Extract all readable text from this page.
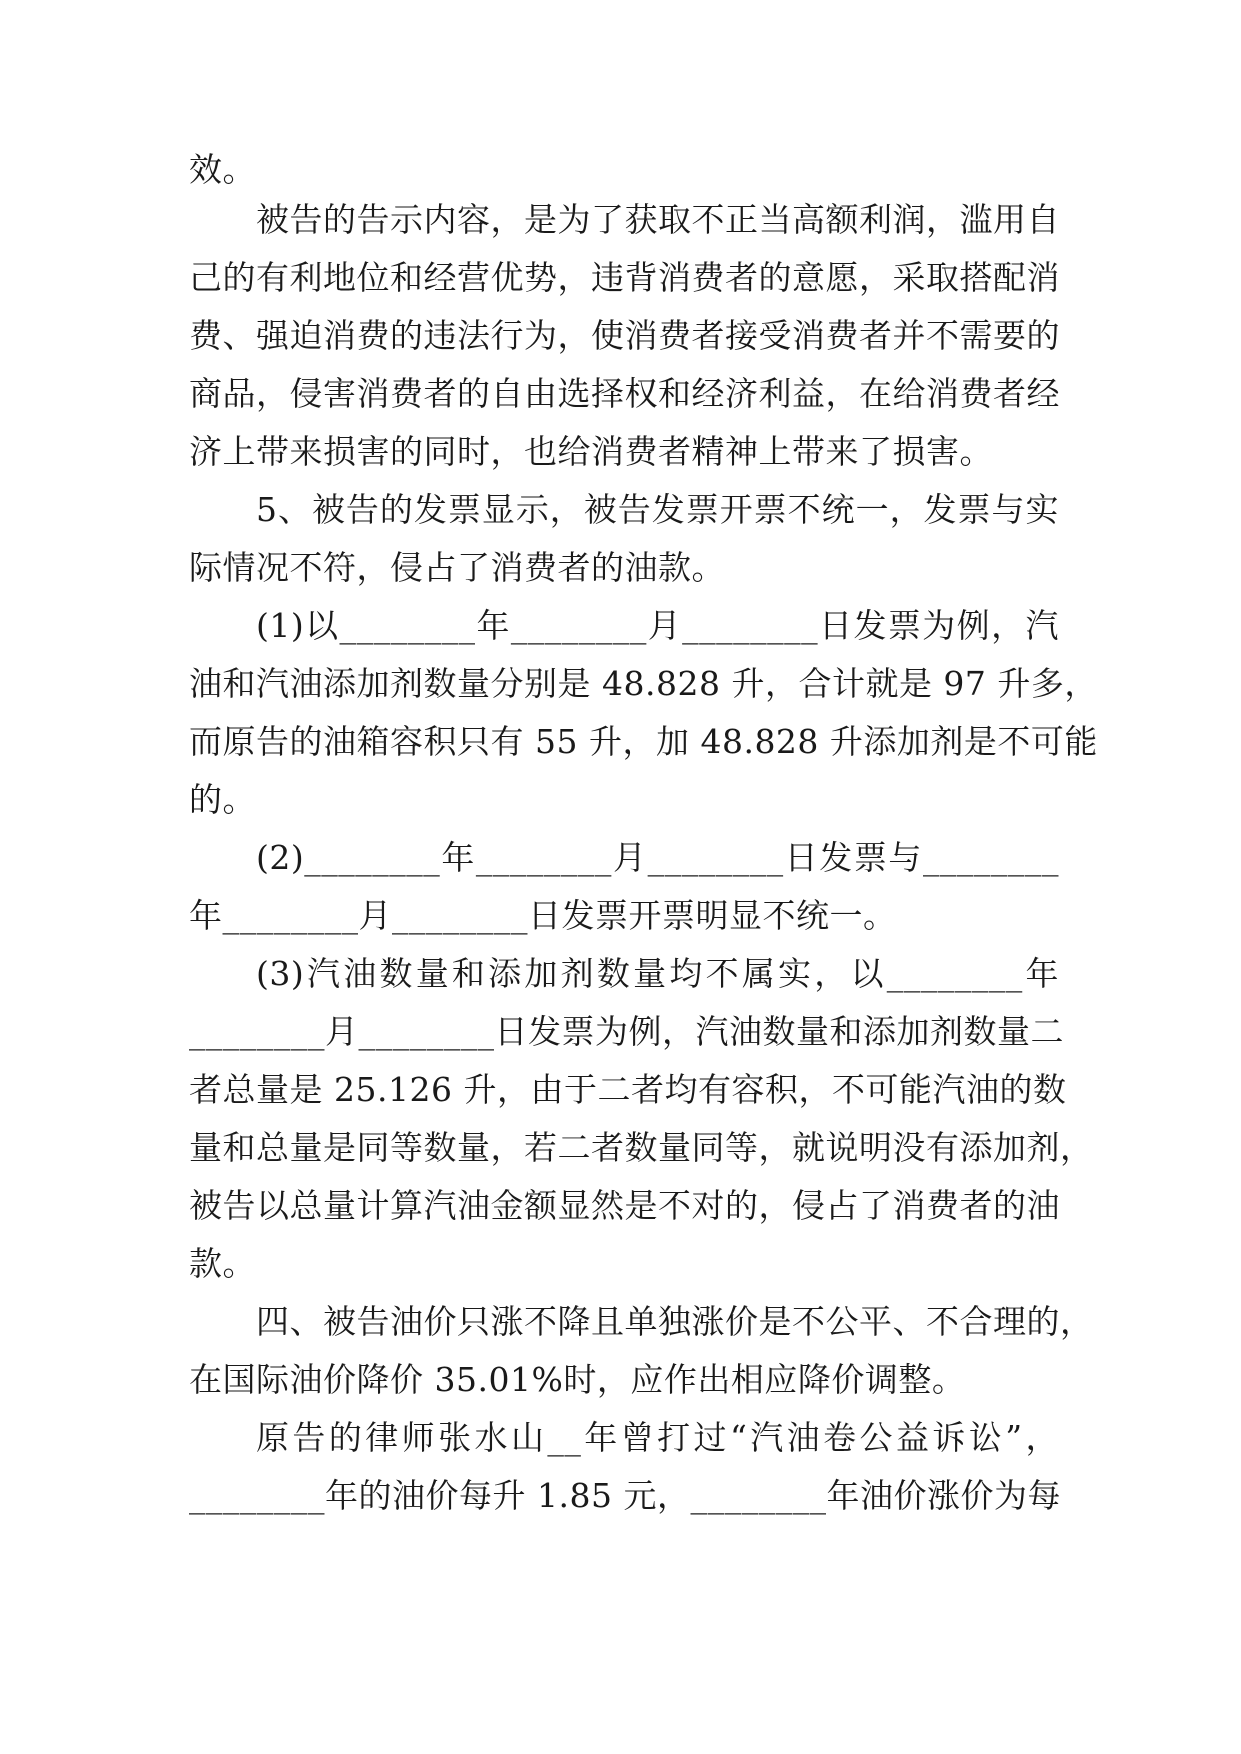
效。
被告的告示内容，是为了获取不正当高额利润，滥用自
己的有利地位和经营优势，违背消费者的意愿，采取搭配消
费、强迫消费的违法行为，使消费者接受消费者并不需要的
商品，侵害消费者的自由选择权和经济利益，在给消费者经
济上带来损害的同时，也给消费者精神上带来了损害。
5、被告的发票显示，被告发票开票不统一，发票与实
际情况不符，侵占了消费者的油款。
(1)以________年________月________日发票为例，汽
油和汽油添加剂数量分别是 48.828 升，合计就是 97 升多，
而原告的油箱容积只有 55 升，加 48.828 升添加剂是不可能
的。
(2)________年________月________日发票与________
年________月________日发票开票明显不统一。
(3)汽油数量和添加剂数量均不属实，以________年
________月________日发票为例，汽油数量和添加剂数量二
者总量是 25.126 升，由于二者均有容积，不可能汽油的数
量和总量是同等数量，若二者数量同等，就说明没有添加剂，
被告以总量计算汽油金额显然是不对的，侵占了消费者的油
款。
四、被告油价只涨不降且单独涨价是不公平、不合理的，
在国际油价降价 35.01%时，应作出相应降价调整。
原告的律师张水山__年曾打过“汽油卷公益诉讼”，
________年的油价每升 1.85 元，________年油价涨价为每
